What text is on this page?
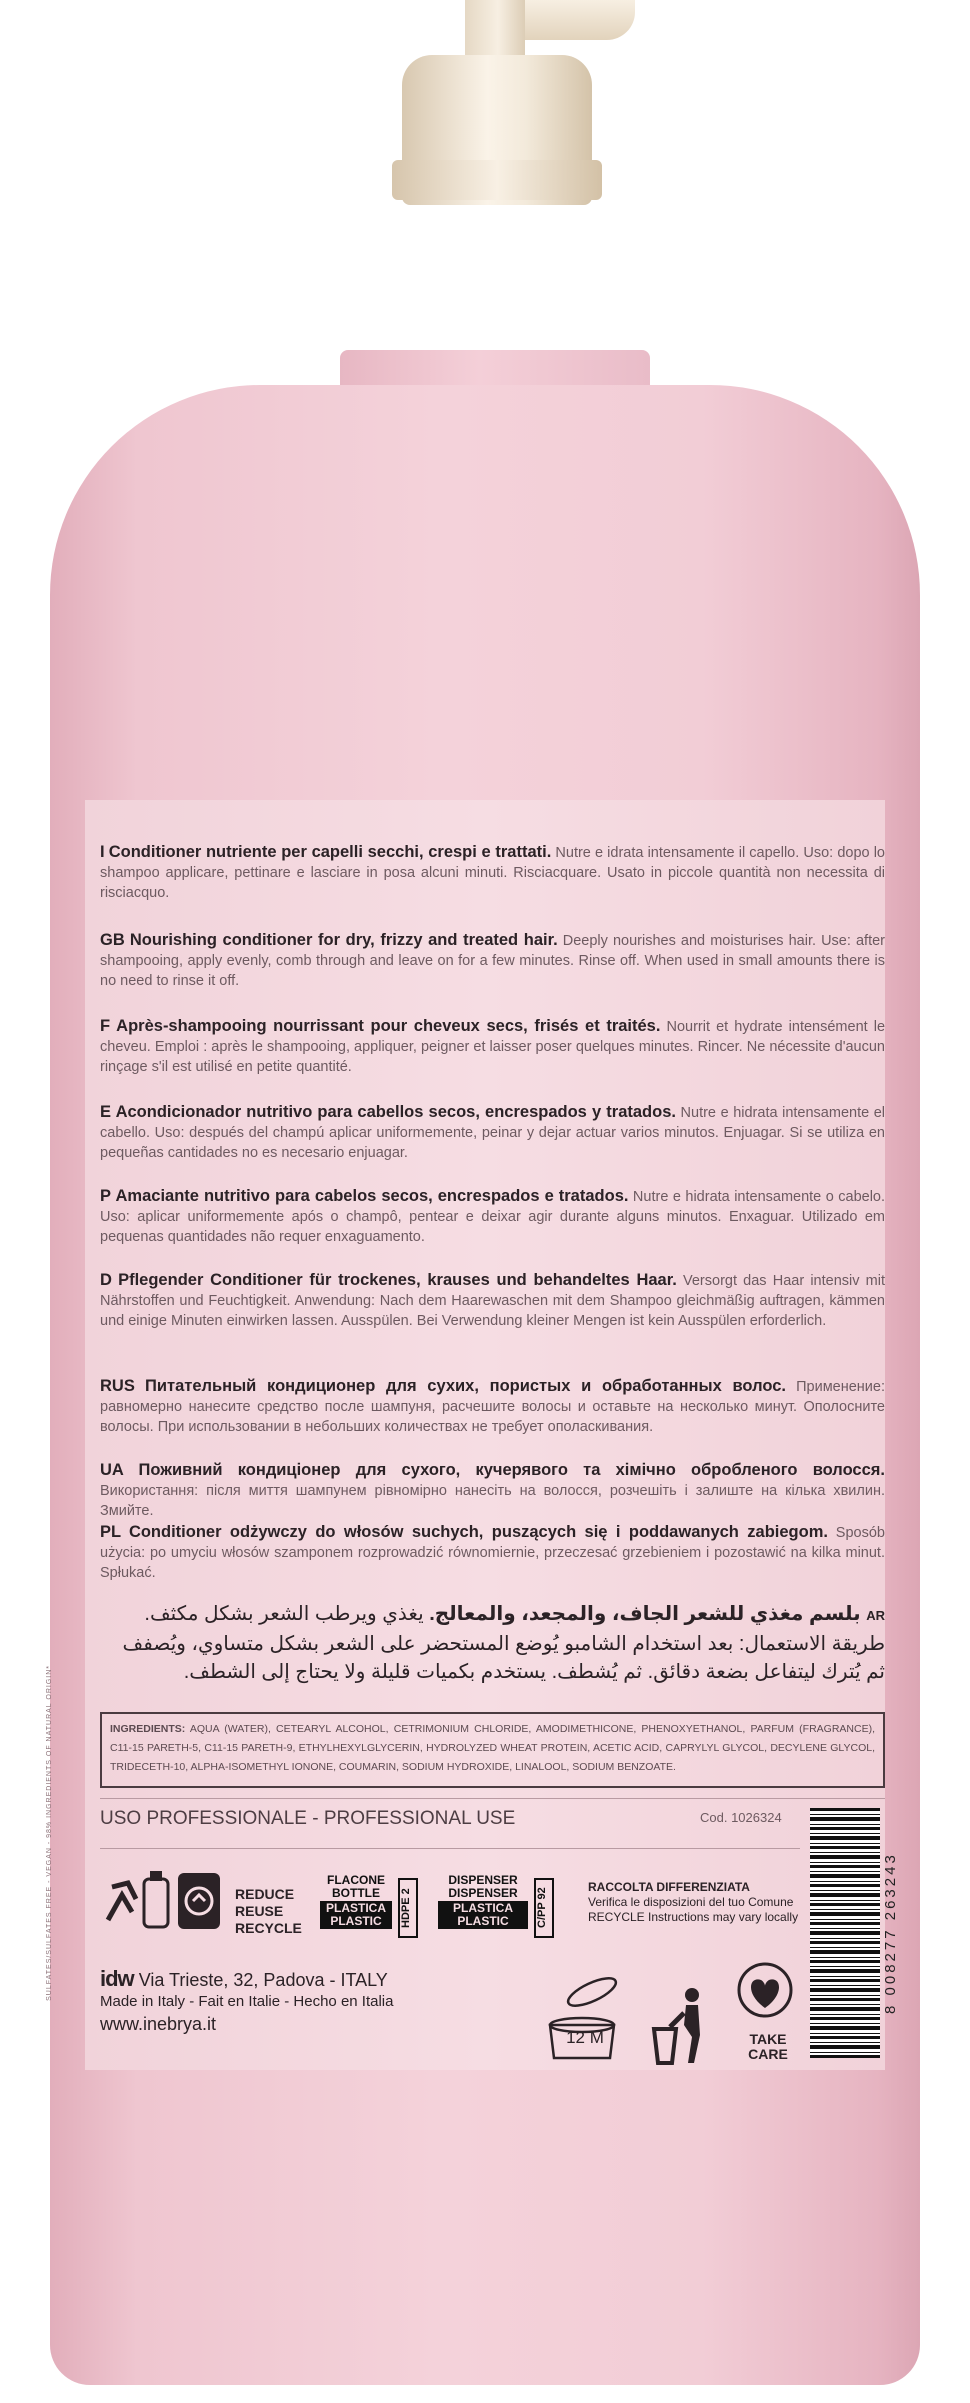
SULFATES/SULFATES FREE - VEGAN - 98% INGREDIENTS OF NATURAL ORIGIN*
I Conditioner nutriente per capelli secchi, crespi e trattati. Nutre e idrata intensamente il capello. Uso: dopo lo shampoo applicare, pettinare e lasciare in posa alcuni minuti. Risciacquare. Usato in piccole quantità non necessita di risciacquo.
GB Nourishing conditioner for dry, frizzy and treated hair. Deeply nourishes and moisturises hair. Use: after shampooing, apply evenly, comb through and leave on for a few minutes. Rinse off. When used in small amounts there is no need to rinse it off.
F Après-shampooing nourrissant pour cheveux secs, frisés et traités. Nourrit et hydrate intensément le cheveu. Emploi : après le shampooing, appliquer, peigner et laisser poser quelques minutes. Rincer. Ne nécessite d'aucun rinçage s'il est utilisé en petite quantité.
E Acondicionador nutritivo para cabellos secos, encrespados y tratados. Nutre e hidrata intensamente el cabello. Uso: después del champú aplicar uniformemente, peinar y dejar actuar varios minutos. Enjuagar. Si se utiliza en pequeñas cantidades no es necesario enjuagar.
P Amaciante nutritivo para cabelos secos, encrespados e tratados. Nutre e hidrata intensamente o cabelo. Uso: aplicar uniformemente após o champô, pentear e deixar agir durante alguns minutos. Enxaguar. Utilizado em pequenas quantidades não requer enxaguamento.
D Pflegender Conditioner für trockenes, krauses und behandeltes Haar. Versorgt das Haar intensiv mit Nährstoffen und Feuchtigkeit. Anwendung: Nach dem Haarewaschen mit dem Shampoo gleichmäßig auftragen, kämmen und einige Minuten einwirken lassen. Ausspülen. Bei Verwendung kleiner Mengen ist kein Ausspülen erforderlich.
RUS Питательный кондиционер для сухих, пористых и обработанных волос. Применение: равномерно нанесите средство после шампуня, расчешите волосы и оставьте на несколько минут. Ополосните волосы. При использовании в небольших количествах не требует ополаскивания.
UA Поживний кондиціонер для сухого, кучерявого та хімічно обробленого волосся. Використання: після миття шампунем рівномірно нанесіть на волосся, розчешіть і залиште на кілька хвилин. Змийте.
PL Conditioner odżywczy do włosów suchych, puszących się i poddawanych zabiegom. Sposób użycia: po umyciu włosów szamponem rozprowadzić równomiernie, przeczesać grzebieniem i pozostawić na kilka minut. Spłukać.
AR بلسم مغذي للشعر الجاف، والمجعد، والمعالج. يغذي ويرطب الشعر بشكل مكثف. طريقة الاستعمال: بعد استخدام الشامبو يُوضع المستحضر على الشعر بشكل متساوي، ويُصفف ثم يُترك ليتفاعل بضعة دقائق. ثم يُشطف. يستخدم بكميات قليلة ولا يحتاج إلى الشطف.
INGREDIENTS: AQUA (WATER), CETEARYL ALCOHOL, CETRIMONIUM CHLORIDE, AMODIMETHICONE, PHENOXYETHANOL, PARFUM (FRAGRANCE), C11-15 PARETH-5, C11-15 PARETH-9, ETHYLHEXYLGLYCERIN, HYDROLYZED WHEAT PROTEIN, ACETIC ACID, CAPRYLYL GLYCOL, DECYLENE GLYCOL, TRIDECETH-10, ALPHA-ISOMETHYL IONONE, COUMARIN, SODIUM HYDROXIDE, LINALOOL, SODIUM BENZOATE.
USO PROFESSIONALE - PROFESSIONAL USE	Cod. 1026324
8 008277 263243
REDUCE
REUSE
RECYCLE
FLACONE BOTTLE
PLASTICA PLASTIC	HDPE 2
DISPENSER DISPENSER
PLASTICA PLASTIC	C/PP 92
RACCOLTA DIFFERENZIATA
Verifica le disposizioni del tuo Comune
RECYCLE Instructions may vary locally
idw Via Trieste, 32, Padova - ITALY
Made in Italy - Fait en Italie - Hecho en Italia
www.inebrya.it
12 M	TAKE
CARE
